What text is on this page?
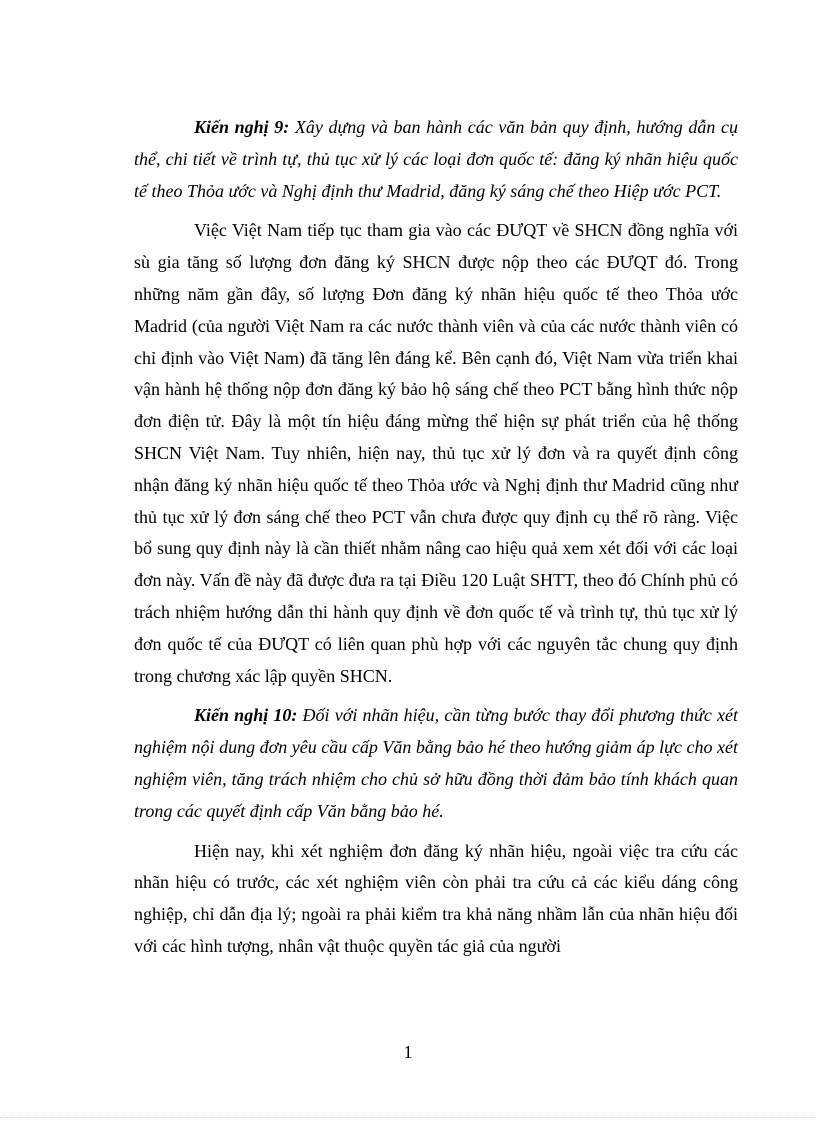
Kiến nghị 9: Xây dựng và ban hành các văn bản quy định, hướng dẫn cụ thể, chi tiết về trình tự, thủ tục xử lý các loại đơn quốc tế: đăng ký nhãn hiệu quốc tế theo Thỏa ước và Nghị định thư Madrid, đăng ký sáng chế theo Hiệp ước PCT.

Việc Việt Nam tiếp tục tham gia vào các ĐƯQT về SHCN đồng nghĩa với sù gia tăng số lượng đơn đăng ký SHCN được nộp theo các ĐƯQT đó. Trong những năm gần đây, số lượng Đơn đăng ký nhãn hiệu quốc tế theo Thỏa ước Madrid (của người Việt Nam ra các nước thành viên và của các nước thành viên có chỉ định vào Việt Nam) đã tăng lên đáng kể. Bên cạnh đó, Việt Nam vừa triển khai vận hành hệ thống nộp đơn đăng ký bảo hộ sáng chế theo PCT bằng hình thức nộp đơn điện tử. Đây là một tín hiệu đáng mừng thể hiện sự phát triển của hệ thống SHCN Việt Nam. Tuy nhiên, hiện nay, thủ tục xử lý đơn và ra quyết định công nhận đăng ký nhãn hiệu quốc tế theo Thỏa ước và Nghị định thư Madrid cũng như thủ tục xử lý đơn sáng chế theo PCT vẫn chưa được quy định cụ thể rõ ràng. Việc bổ sung quy định này là cần thiết nhằm nâng cao hiệu quả xem xét đối với các loại đơn này. Vấn đề này đã được đưa ra tại Điều 120 Luật SHTT, theo đó Chính phủ có trách nhiệm hướng dẫn thi hành quy định về đơn quốc tế và trình tự, thủ tục xử lý đơn quốc tế của ĐƯQT có liên quan phù hợp với các nguyên tắc chung quy định trong chương xác lập quyền SHCN.

Kiến nghị 10: Đối với nhãn hiệu, cần từng bước thay đổi phương thức xét nghiệm nội dung đơn yêu cầu cấp Văn bằng bảo hé theo hướng giảm áp lực cho xét nghiệm viên, tăng trách nhiệm cho chủ sở hữu đồng thời đảm bảo tính khách quan trong các quyết định cấp Văn bằng bảo hé.

Hiện nay, khi xét nghiệm đơn đăng ký nhãn hiệu, ngoài việc tra cứu các nhãn hiệu có trước, các xét nghiệm viên còn phải tra cứu cả các kiểu dáng công nghiệp, chỉ dẫn địa lý; ngoài ra phải kiểm tra khả năng nhầm lẫn của nhãn hiệu đối với các hình tượng, nhân vật thuộc quyền tác giả của người

1
